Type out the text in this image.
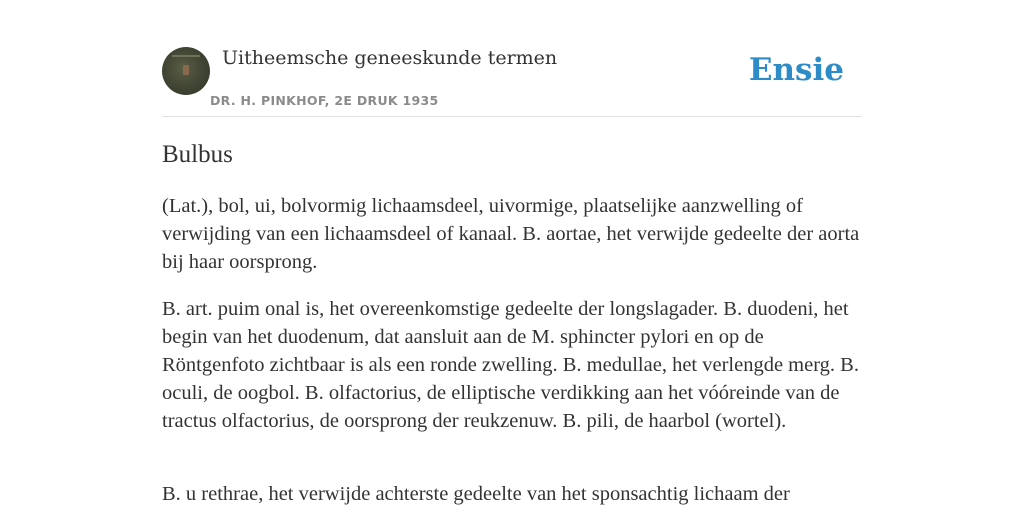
Uitheemsche geneeskunde termen
DR. H. PINKHOF, 2E DRUK 1935
Ensie
Bulbus

(Lat.), bol, ui, bolvormig lichaamsdeel, uivormige, plaatselijke aanzwelling of verwijding van een lichaamsdeel of kanaal. B. aortae, het verwijde gedeelte der aorta bij haar oorsprong.

B. art. puim onal is, het overeenkomstige gedeelte der longslagader. B. duodeni, het begin van het duodenum, dat aansluit aan de M. sphincter pylori en op de Röntgenfoto zichtbaar is als een ronde zwelling. B. medullae, het verlengde merg. B. oculi, de oogbol. B. olfactorius, de elliptische verdikking aan het vóóreinde van de tractus olfactorius, de oorsprong der reukzenuw. B. pili, de haarbol (wortel).

B. u rethrae, het verwijde achterste gedeelte van het sponsachtig lichaam der
